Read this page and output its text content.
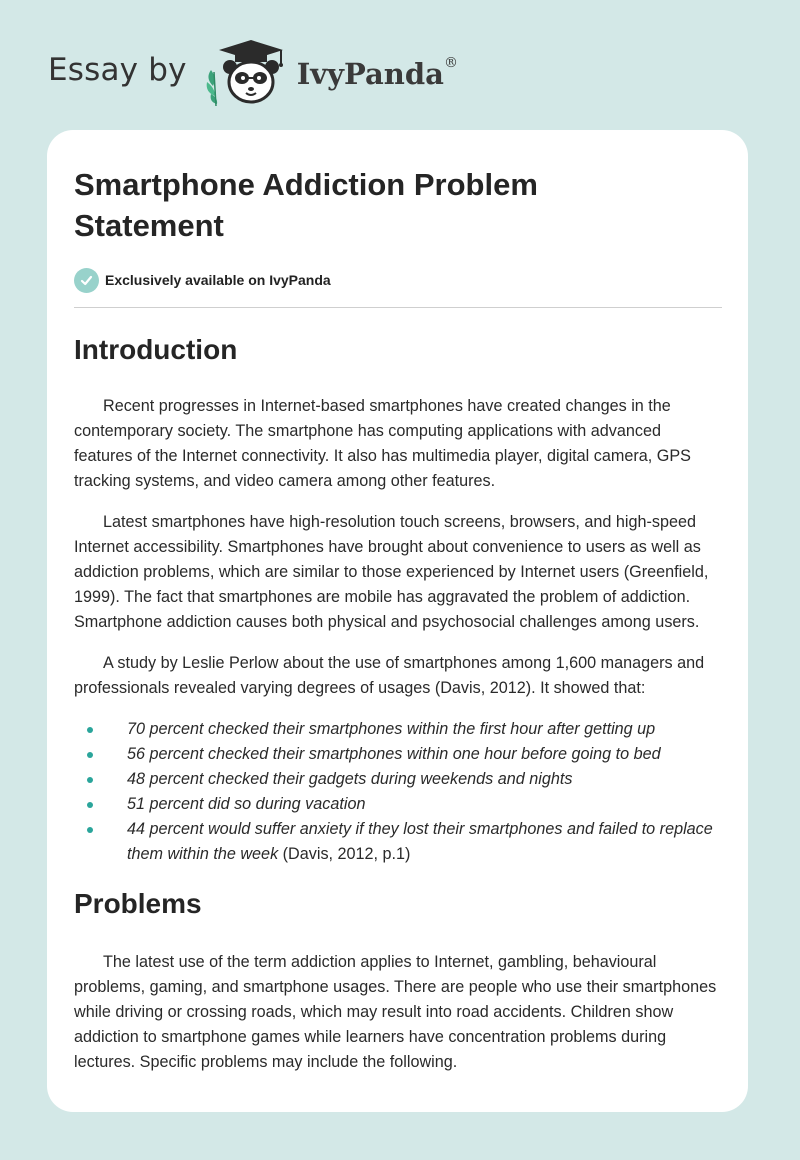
Essay by	IvyPanda®
Smartphone Addiction Problem Statement
Exclusively available on IvyPanda
Introduction

Recent progresses in Internet-based smartphones have created changes in the contemporary society. The smartphone has computing applications with advanced features of the Internet connectivity. It also has multimedia player, digital camera, GPS tracking systems, and video camera among other features.

Latest smartphones have high-resolution touch screens, browsers, and high-speed Internet accessibility. Smartphones have brought about convenience to users as well as addiction problems, which are similar to those experienced by Internet users (Greenfield, 1999). The fact that smartphones are mobile has aggravated the problem of addiction. Smartphone addiction causes both physical and psychosocial challenges among users.

A study by Leslie Perlow about the use of smartphones among 1,600 managers and professionals revealed varying degrees of usages (Davis, 2012). It showed that:

70 percent checked their smartphones within the first hour after getting up
56 percent checked their smartphones within one hour before going to bed
48 percent checked their gadgets during weekends and nights
51 percent did so during vacation
44 percent would suffer anxiety if they lost their smartphones and failed to replace them within the week (Davis, 2012, p.1)
Problems

The latest use of the term addiction applies to Internet, gambling, behavioural problems, gaming, and smartphone usages. There are people who use their smartphones while driving or crossing roads, which may result into road accidents. Children show addiction to smartphone games while learners have concentration problems during lectures. Specific problems may include the following.
